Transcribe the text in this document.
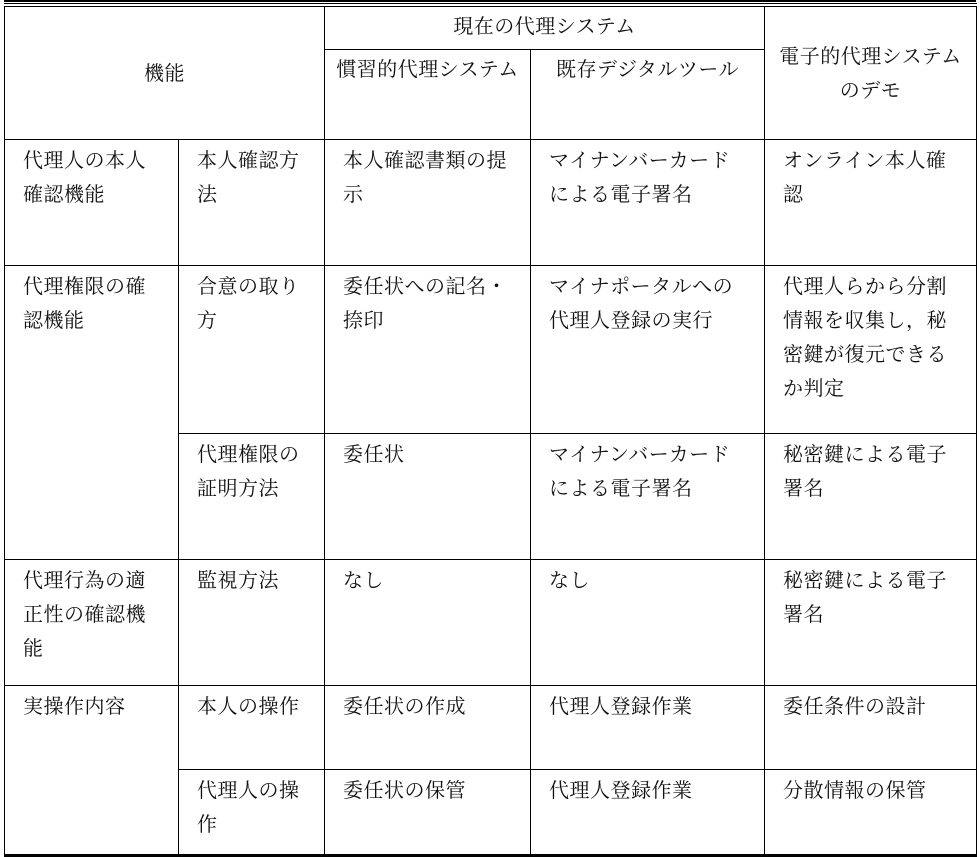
機能		現在の代理システム		電子的代理システムのデモ
		慣習的代理システム	既存デジタルツール	
代理人の本人確認機能	本人確認方法	本人確認書類の提示	マイナンバーカードによる電子署名	オンライン本人確認
代理権限の確認機能	合意の取り方	委任状への記名・捺印	マイナポータルへの代理人登録の実行	代理人らから分割情報を収集し，秘密鍵が復元できるか判定
	代理権限の証明方法	委任状	マイナンバーカードによる電子署名	秘密鍵による電子署名
代理行為の適正性の確認機能	監視方法	なし	なし	秘密鍵による電子署名
実操作内容	本人の操作	委任状の作成	代理人登録作業	委任条件の設計
	代理人の操作	委任状の保管	代理人登録作業	分散情報の保管
